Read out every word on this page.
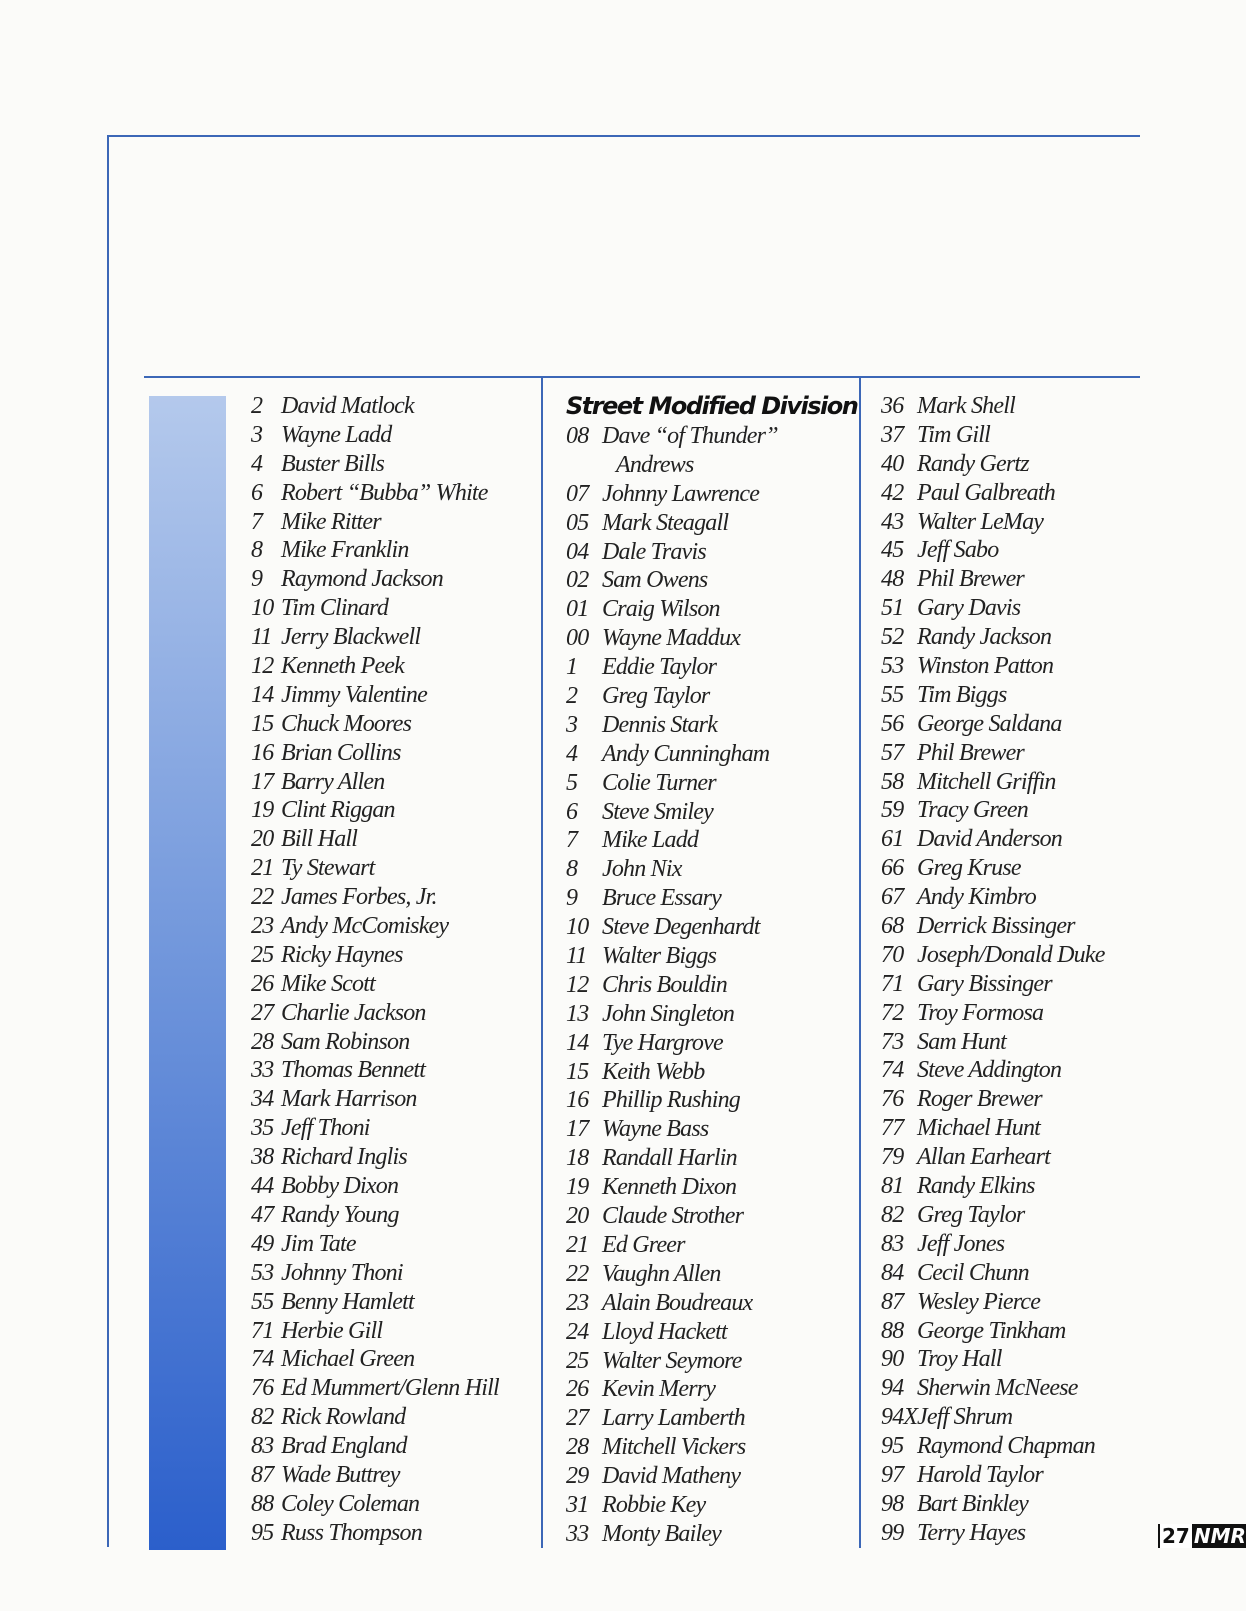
2 David Matlock
3 Wayne Ladd
4 Buster Bills
6 Robert “Bubba” White
7 Mike Ritter
8 Mike Franklin
9 Raymond Jackson
10 Tim Clinard
11 Jerry Blackwell
12 Kenneth Peek
14 Jimmy Valentine
15 Chuck Moores
16 Brian Collins
17 Barry Allen
19 Clint Riggan
20 Bill Hall
21 Ty Stewart
22 James Forbes, Jr.
23 Andy McComiskey
25 Ricky Haynes
26 Mike Scott
27 Charlie Jackson
28 Sam Robinson
33 Thomas Bennett
34 Mark Harrison
35 Jeff Thoni
38 Richard Inglis
44 Bobby Dixon
47 Randy Young
49 Jim Tate
53 Johnny Thoni
55 Benny Hamlett
71 Herbie Gill
74 Michael Green
76 Ed Mummert/Glenn Hill
82 Rick Rowland
83 Brad England
87 Wade Buttrey
88 Coley Coleman
95 Russ Thompson
Street Modified Division
08 Dave “of Thunder”
Andrews
07 Johnny Lawrence
05 Mark Steagall
04 Dale Travis
02 Sam Owens
01 Craig Wilson
00 Wayne Maddux
1 Eddie Taylor
2 Greg Taylor
3 Dennis Stark
4 Andy Cunningham
5 Colie Turner
6 Steve Smiley
7 Mike Ladd
8 John Nix
9 Bruce Essary
10 Steve Degenhardt
11 Walter Biggs
12 Chris Bouldin
13 John Singleton
14 Tye Hargrove
15 Keith Webb
16 Phillip Rushing
17 Wayne Bass
18 Randall Harlin
19 Kenneth Dixon
20 Claude Strother
21 Ed Greer
22 Vaughn Allen
23 Alain Boudreaux
24 Lloyd Hackett
25 Walter Seymore
26 Kevin Merry
27 Larry Lamberth
28 Mitchell Vickers
29 David Matheny
31 Robbie Key
33 Monty Bailey
36 Mark Shell
37 Tim Gill
40 Randy Gertz
42 Paul Galbreath
43 Walter LeMay
45 Jeff Sabo
48 Phil Brewer
51 Gary Davis
52 Randy Jackson
53 Winston Patton
55 Tim Biggs
56 George Saldana
57 Phil Brewer
58 Mitchell Griffin
59 Tracy Green
61 David Anderson
66 Greg Kruse
67 Andy Kimbro
68 Derrick Bissinger
70 Joseph/Donald Duke
71 Gary Bissinger
72 Troy Formosa
73 Sam Hunt
74 Steve Addington
76 Roger Brewer
77 Michael Hunt
79 Allan Earheart
81 Randy Elkins
82 Greg Taylor
83 Jeff Jones
84 Cecil Chunn
87 Wesley Pierce
88 George Tinkham
90 Troy Hall
94 Sherwin McNeese
94XJeff Shrum
95 Raymond Chapman
97 Harold Taylor
98 Bart Binkley
99 Terry Hayes	27 NMR
